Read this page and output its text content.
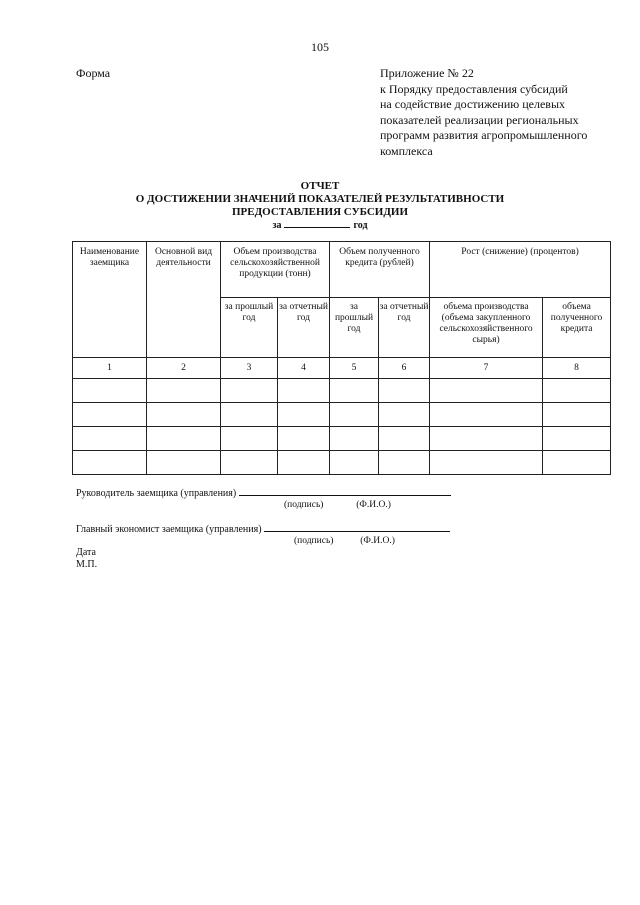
105
Форма	Приложение № 22
к Порядку предоставления субсидий
на содействие достижению целевых
показателей реализации региональных
программ развития агропромышленного
комплекса
ОТЧЕТ
О ДОСТИЖЕНИИ ЗНАЧЕНИЙ ПОКАЗАТЕЛЕЙ РЕЗУЛЬТАТИВНОСТИ
ПРЕДОСТАВЛЕНИЯ СУБСИДИИ
за	год
Наименование заемщика	Основной вид деятельности	Объем производства сельскохозяйственной продукции (тонн)		Объем полученного кредита (рублей)		Рост (снижение) (процентов)	
		за прошлый год	за отчетный год	за прошлый год	за отчетный год	объема производства (объема закупленного сельскохозяйственного сырья)	объема полученного кредита
1	2	3	4	5	6	7	8

Руководитель заемщика (управления)
(подпись)	(Ф.И.О.)
Главный экономист заемщика (управления)
(подпись)	(Ф.И.О.)
Дата
М.П.
